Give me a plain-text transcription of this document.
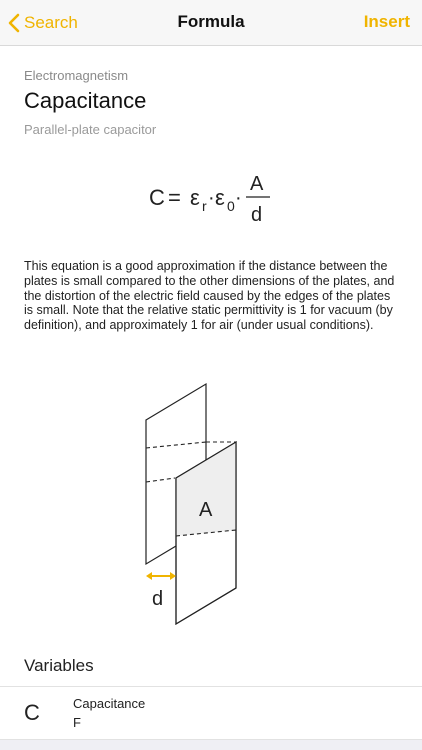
Search	Formula	Insert
Electromagnetism
Capacitance
Parallel-plate capacitor
C = ε r · ε 0 ·
A
d
This equation is a good approximation if the distance between the plates is small compared to the other dimensions of the plates, and the distortion of the electric field caused by the edges of the plates is small. Note that the relative static permittivity is 1 for vacuum (by definition), and approximately 1 for air (under usual conditions).
A
d
Variables
C	Capacitance
F
